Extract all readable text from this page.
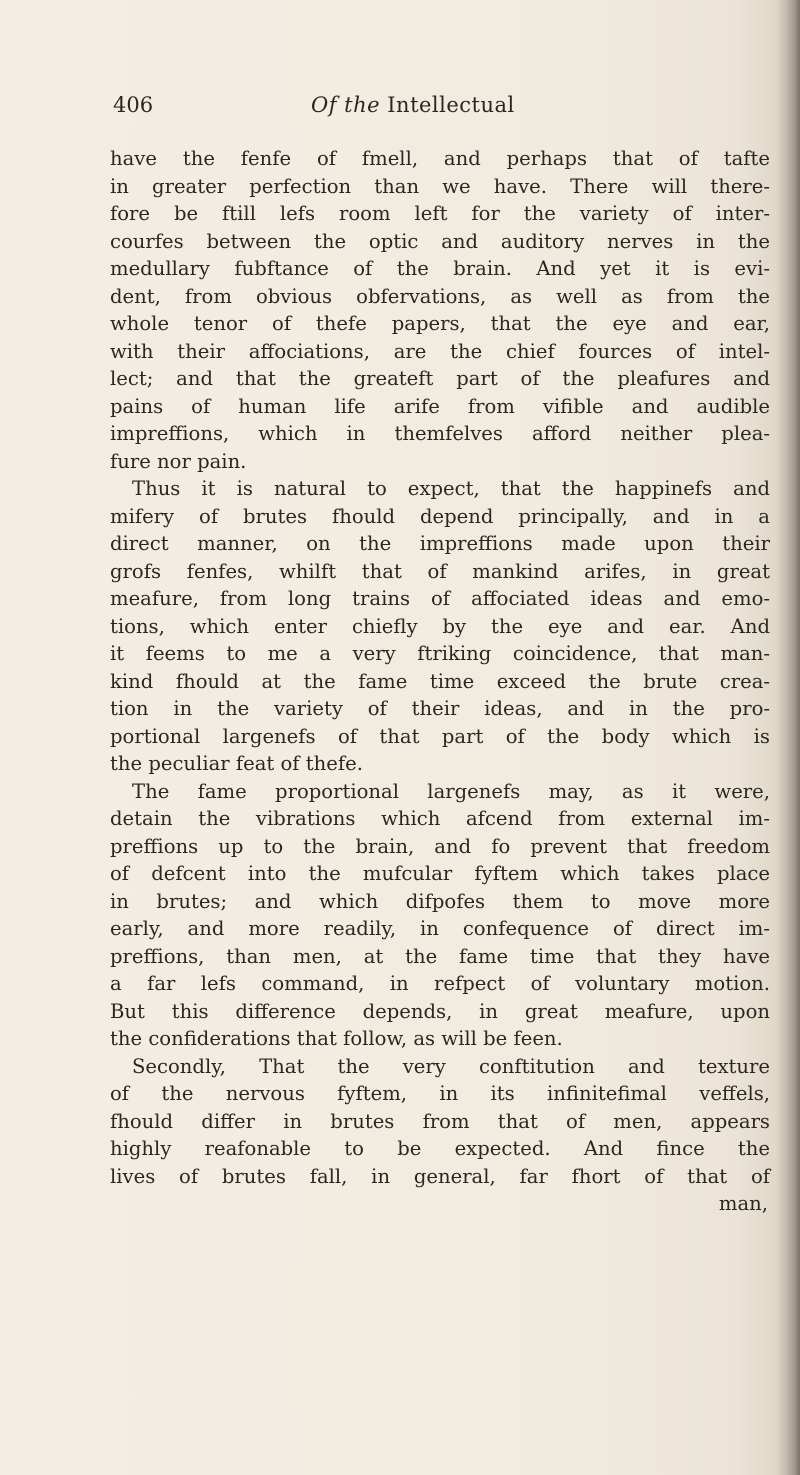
406	Of the Intellectual
have the fenfe of fmell, and perhaps that of tafte
in greater perfection than we have. There will there-
fore be ftill lefs room left for the variety of inter-
courfes between the optic and auditory nerves in the
medullary fubftance of the brain. And yet it is evi-
dent, from obvious obfervations, as well as from the
whole tenor of thefe papers, that the eye and ear,
with their affociations, are the chief fources of intel-
lect; and that the greateft part of the pleafures and
pains of human life arife from vifible and audible
impreffions, which in themfelves afford neither plea-
fure nor pain.
Thus it is natural to expect, that the happinefs and
mifery of brutes fhould depend principally, and in a
direct manner, on the impreffions made upon their
grofs fenfes, whilft that of mankind arifes, in great
meafure, from long trains of affociated ideas and emo-
tions, which enter chiefly by the eye and ear. And
it feems to me a very ftriking coincidence, that man-
kind fhould at the fame time exceed the brute crea-
tion in the variety of their ideas, and in the pro-
portional largenefs of that part of the body which is
the peculiar feat of thefe.
The fame proportional largenefs may, as it were,
detain the vibrations which afcend from external im-
preffions up to the brain, and fo prevent that freedom
of defcent into the mufcular fyftem which takes place
in brutes; and which difpofes them to move more
early, and more readily, in confequence of direct im-
preffions, than men, at the fame time that they have
a far lefs command, in refpect of voluntary motion.
But this difference depends, in great meafure, upon
the confiderations that follow, as will be feen.
Secondly, That the very conftitution and texture
of the nervous fyftem, in its infinitefimal veffels,
fhould differ in brutes from that of men, appears
highly reafonable to be expected. And fince the
lives of brutes fall, in general, far fhort of that of
man,
